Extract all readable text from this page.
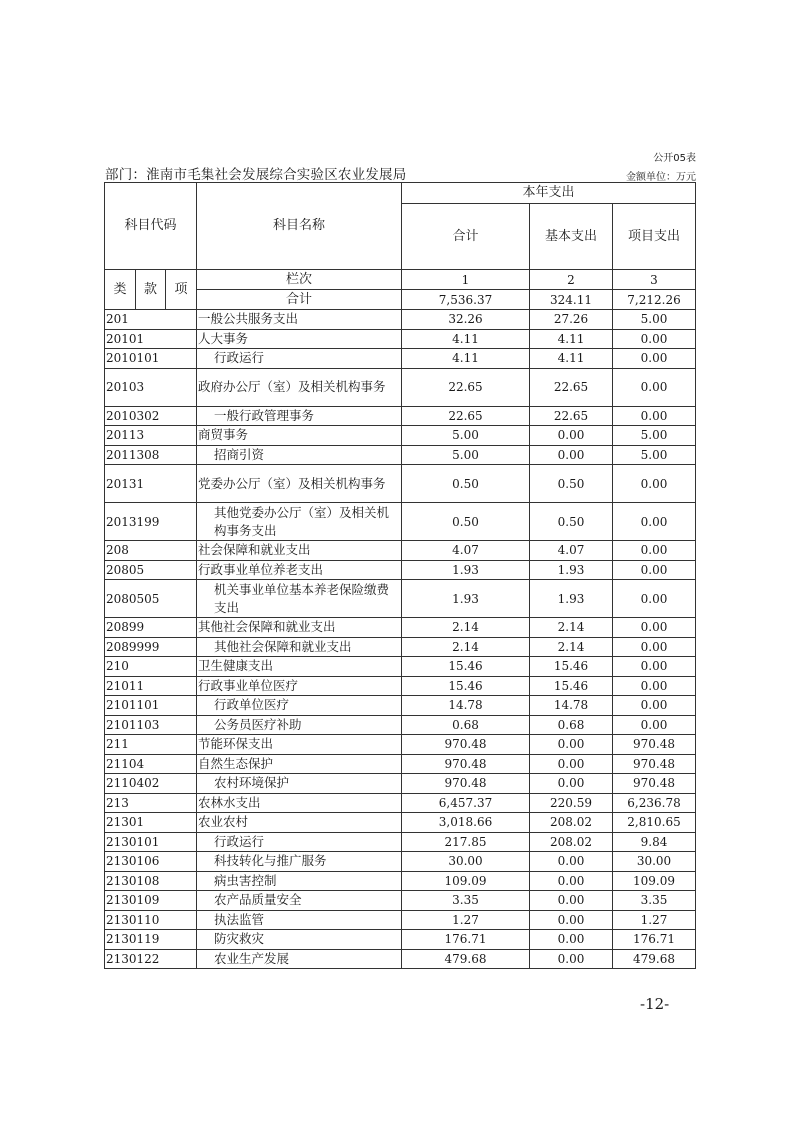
公开05表
部门：淮南市毛集社会发展综合实验区农业发展局	金额单位：万元
科目代码			科目名称	本年支出		
				合计	基本支出	项目支出
类	款	项	栏次	1	2	3
			合计	7,536.37	324.11	7,212.26
201			一般公共服务支出	32.26	27.26	5.00
20101			人大事务	4.11	4.11	0.00
2010101			行政运行	4.11	4.11	0.00
20103			政府办公厅（室）及相关机构事务	22.65	22.65	0.00
2010302			一般行政管理事务	22.65	22.65	0.00
20113			商贸事务	5.00	0.00	5.00
2011308			招商引资	5.00	0.00	5.00
20131			党委办公厅（室）及相关机构事务	0.50	0.50	0.00
2013199			其他党委办公厅（室）及相关机构事务支出	0.50	0.50	0.00
208			社会保障和就业支出	4.07	4.07	0.00
20805			行政事业单位养老支出	1.93	1.93	0.00
2080505			机关事业单位基本养老保险缴费支出	1.93	1.93	0.00
20899			其他社会保障和就业支出	2.14	2.14	0.00
2089999			其他社会保障和就业支出	2.14	2.14	0.00
210			卫生健康支出	15.46	15.46	0.00
21011			行政事业单位医疗	15.46	15.46	0.00
2101101			行政单位医疗	14.78	14.78	0.00
2101103			公务员医疗补助	0.68	0.68	0.00
211			节能环保支出	970.48	0.00	970.48
21104			自然生态保护	970.48	0.00	970.48
2110402			农村环境保护	970.48	0.00	970.48
213			农林水支出	6,457.37	220.59	6,236.78
21301			农业农村	3,018.66	208.02	2,810.65
2130101			行政运行	217.85	208.02	9.84
2130106			科技转化与推广服务	30.00	0.00	30.00
2130108			病虫害控制	109.09	0.00	109.09
2130109			农产品质量安全	3.35	0.00	3.35
2130110			执法监管	1.27	0.00	1.27
2130119			防灾救灾	176.71	0.00	176.71
2130122			农业生产发展	479.68	0.00	479.68
-12-
